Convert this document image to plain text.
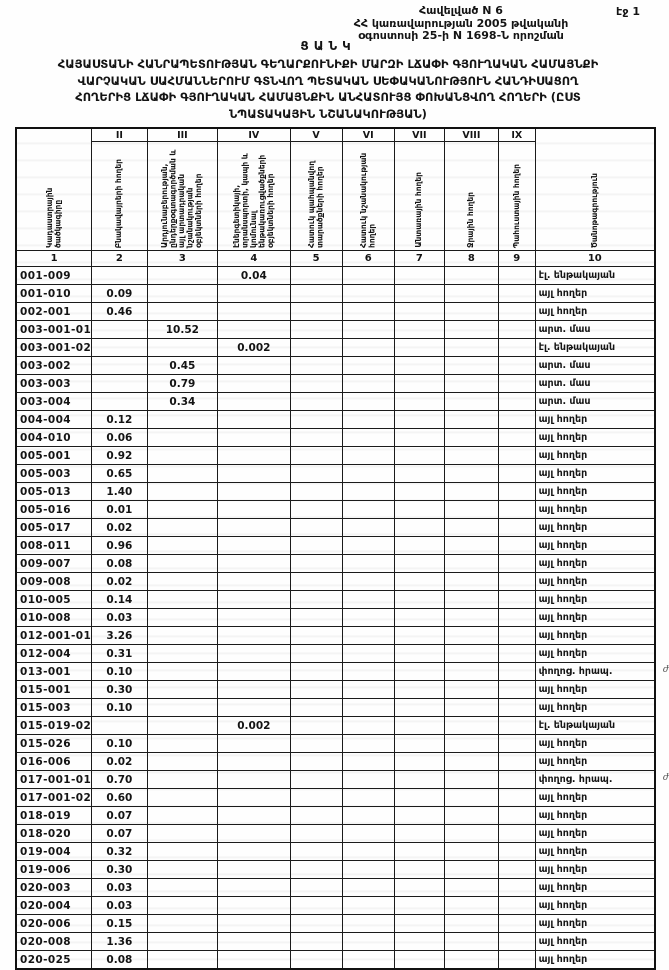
Հավելված N 6
ՀՀ կառավարության 2005 թվականի
օգոստոսի 25-ի N 1698-Ն որոշման
էջ 1
ՑԱՆԿ
ՀԱՅԱՍՏԱՆԻ ՀԱՆՐԱՊԵՏՈՒԹՅԱՆ ԳԵՂԱՐՔՈՒՆԻՔԻ ՄԱՐԶԻ ԼՃԱՓԻ ԳՅՈՒՂԱԿԱՆ ՀԱՄԱՅՆՔԻ
ՎԱՐՉԱԿԱՆ ՍԱՀՄԱՆՆԵՐՈՒՄ ԳՏՆՎՈՂ ՊԵՏԱԿԱՆ ՍԵՓԱԿԱՆՈՒԹՅՈՒՆ ՀԱՆԴԻՍԱՑՈՂ
ՀՈՂԵՐԻՑ ԼՃԱՓԻ ԳՅՈՒՂԱԿԱՆ ՀԱՄԱՅՆՔԻՆ ԱՆՀԱՏՈՒՅՑ ՓՈԽԱՆՑՎՈՂ ՀՈՂԵՐԻ (ԸՍՏ
ՆՊԱՏԱԿԱՅԻՆ ՆՇԱՆԱԿՈՒԹՅԱՆ)
Կադաստրային ծածկագիրը	II	III	IV	V	VI	VII	VIII	IX	Ծանոթագրություն

	Բնակավայրերի հողեր	Արդյունաբերության, ընդերքօգտագործման և այլ արտադրական նշանակության օբյեկտների հողեր	Էներգետիկայի, տրանսպորտի, կապի և կոմունալ ենթակառուցվածքների օբյեկտների հողեր	Հատուկ պահպանվող տարածքների հողեր	Հատուկ նշանակության հողեր	Անտառային հողեր	Ջրային հողեր	Պահուստային հողեր	

1	2	3	4	5	6	7	8	9	10
001-009			0.04						էլ. ենթակայան
001-010	0.09								այլ հողեր
002-001	0.46								այլ հողեր
003-001-01		10.52							արտ. մաս
003-001-02			0.002						էլ. ենթակայան
003-002		0.45							արտ. մաս
003-003		0.79							արտ. մաս
003-004		0.34							արտ. մաս
004-004	0.12								այլ հողեր
004-010	0.06								այլ հողեր
005-001	0.92								այլ հողեր
005-003	0.65								այլ հողեր
005-013	1.40								այլ հողեր
005-016	0.01								այլ հողեր
005-017	0.02								այլ հողեր
008-011	0.96								այլ հողեր
009-007	0.08								այլ հողեր
009-008	0.02								այլ հողեր
010-005	0.14								այլ հողեր
010-008	0.03								այլ հողեր
012-001-01	3.26								այլ հողեր
012-004	0.31								այլ հողեր
013-001	0.10								փողոց. հրապ. ժ

015-001	0.30								այլ հողեր
015-003	0.10								այլ հողեր
015-019-02			0.002						էլ. ենթակայան
015-026	0.10								այլ հողեր
016-006	0.02								այլ հողեր
017-001-01	0.70								փողոց. հրապ. ժ

017-001-02	0.60								այլ հողեր
018-019	0.07								այլ հողեր
018-020	0.07								այլ հողեր
019-004	0.32								այլ հողեր
019-006	0.30								այլ հողեր
020-003	0.03								այլ հողեր
020-004	0.03								այլ հողեր
020-006	0.15								այլ հողեր
020-008	1.36								այլ հողեր
020-025	0.08								այլ հողեր
